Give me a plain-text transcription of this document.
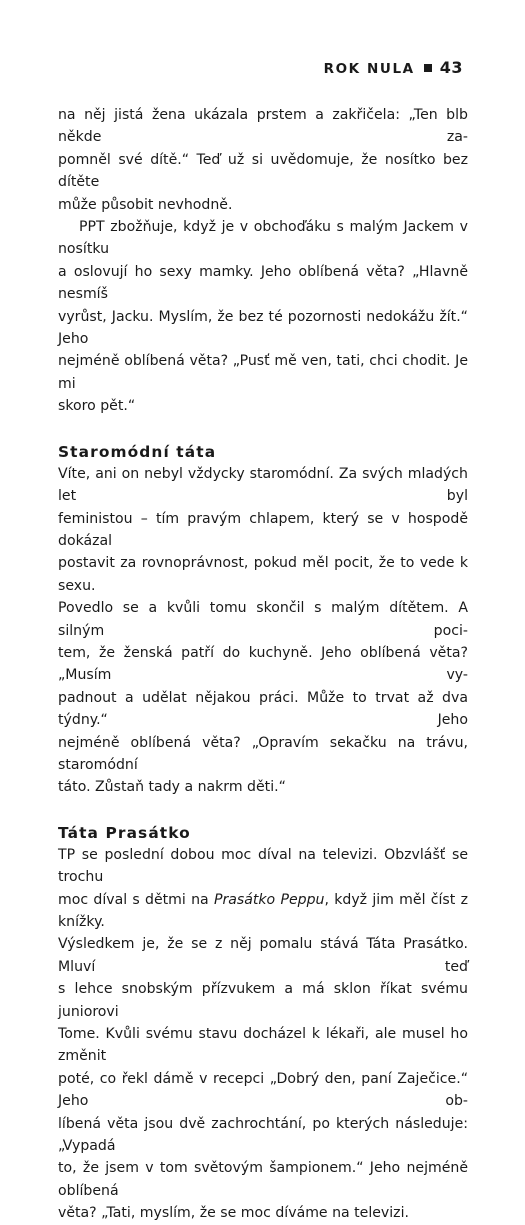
ROK NULA 43

na něj jistá žena ukázala prstem a zakřičela: „Ten blb někde za-

pomněl své dítě.“ Teď už si uvědomuje, že nosítko bez dítěte

může působit nevhodně.

PPT zbožňuje, když je v obchoďáku s malým Jackem v nosítku

a oslovují ho sexy mamky. Jeho oblíbená věta? „Hlavně nesmíš

vyrůst, Jacku. Myslím, že bez té pozornosti nedokážu žít.“ Jeho

nejméně oblíbená věta? „Pusť mě ven, tati, chci chodit. Je mi

skoro pět.“

Staromódní táta

Víte, ani on nebyl vždycky staromódní. Za svých mladých let byl

feministou – tím pravým chlapem, který se v hospodě dokázal

postavit za rovnoprávnost, pokud měl pocit, že to vede k sexu.

Povedlo se a kvůli tomu skončil s malým dítětem. A silným poci-

tem, že ženská patří do kuchyně. Jeho oblíbená věta? „Musím vy-

padnout a udělat nějakou práci. Může to trvat až dva týdny.“ Jeho

nejméně oblíbená věta? „Opravím sekačku na trávu, staromódní

táto. Zůstaň tady a nakrm děti.“

Táta Prasátko

TP se poslední dobou moc díval na televizi. Obzvlášť se trochu

moc díval s dětmi na Prasátko Peppu, když jim měl číst z knížky.

Výsledkem je, že se z něj pomalu stává Táta Prasátko. Mluví teď

s lehce snobským přízvukem a má sklon říkat svému juniorovi

Tome. Kvůli svému stavu docházel k lékaři, ale musel ho změnit

poté, co řekl dámě v recepci „Dobrý den, paní Zaječice.“ Jeho ob-

líbená věta jsou dvě zachrochtání, po kterých následuje: „Vypadá

to, že jsem v tom světovým šampionem.“ Jeho nejméně oblíbená

věta? „Tati, myslím, že se moc díváme na televizi.
